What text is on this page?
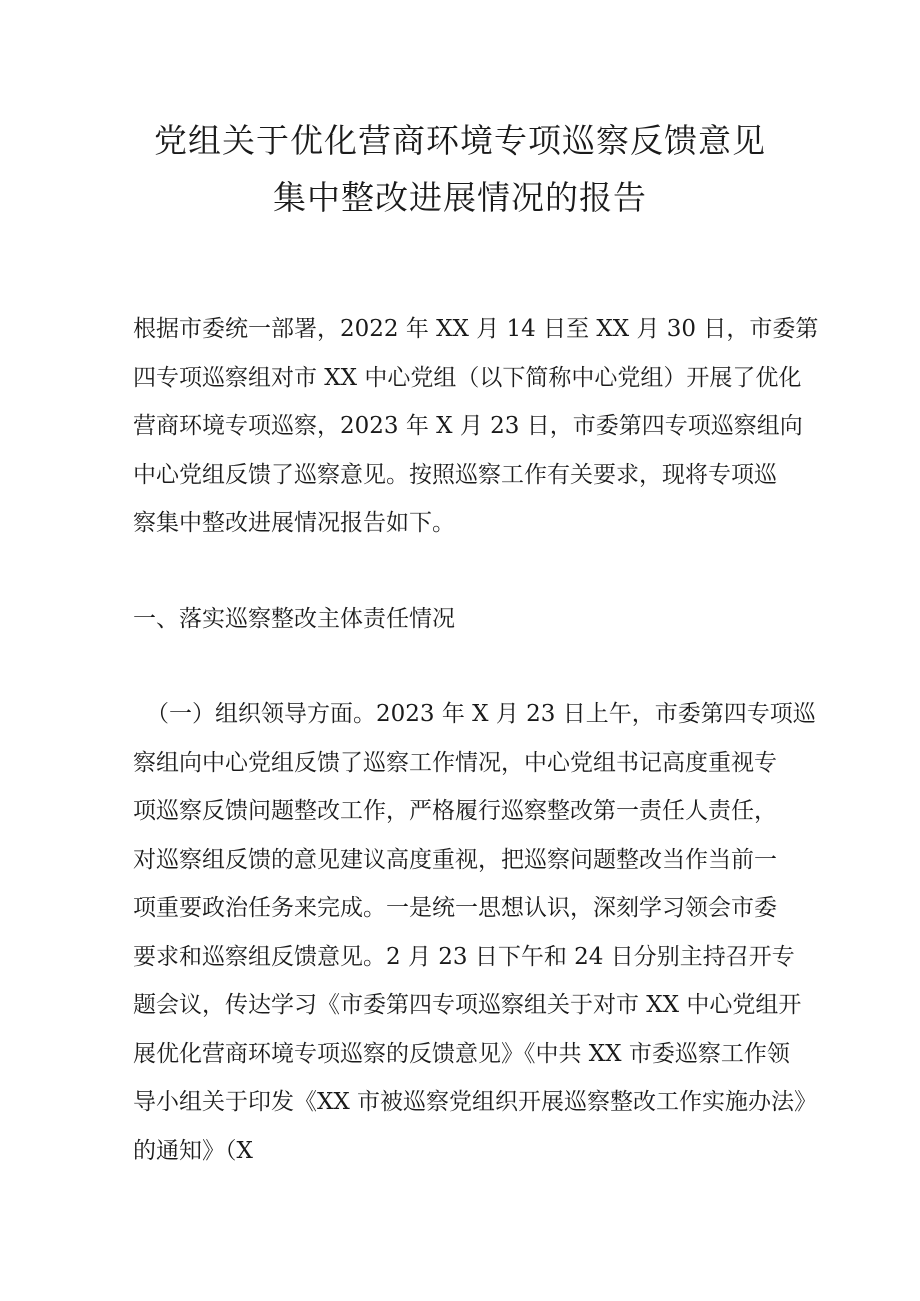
党组关于优化营商环境专项巡察反馈意见
集中整改进展情况的报告
根据市委统一部署，2022 年 XX 月 14 日至 XX 月 30 日，市委第
四专项巡察组对市 XX 中心党组（以下简称中心党组）开展了优化
营商环境专项巡察，2023 年 X 月 23 日，市委第四专项巡察组向
中心党组反馈了巡察意见。按照巡察工作有关要求，现将专项巡
察集中整改进展情况报告如下。
一、落实巡察整改主体责任情况
（一）组织领导方面。2023 年 X 月 23 日上午，市委第四专项巡
察组向中心党组反馈了巡察工作情况，中心党组书记高度重视专
项巡察反馈问题整改工作，严格履行巡察整改第一责任人责任，
对巡察组反馈的意见建议高度重视，把巡察问题整改当作当前一
项重要政治任务来完成。一是统一思想认识，深刻学习领会市委
要求和巡察组反馈意见。2 月 23 日下午和 24 日分别主持召开专
题会议，传达学习《市委第四专项巡察组关于对市 XX 中心党组开
展优化营商环境专项巡察的反馈意见》《中共 XX 市委巡察工作领
导小组关于印发《XX 市被巡察党组织开展巡察整改工作实施办法》
的通知》（X
